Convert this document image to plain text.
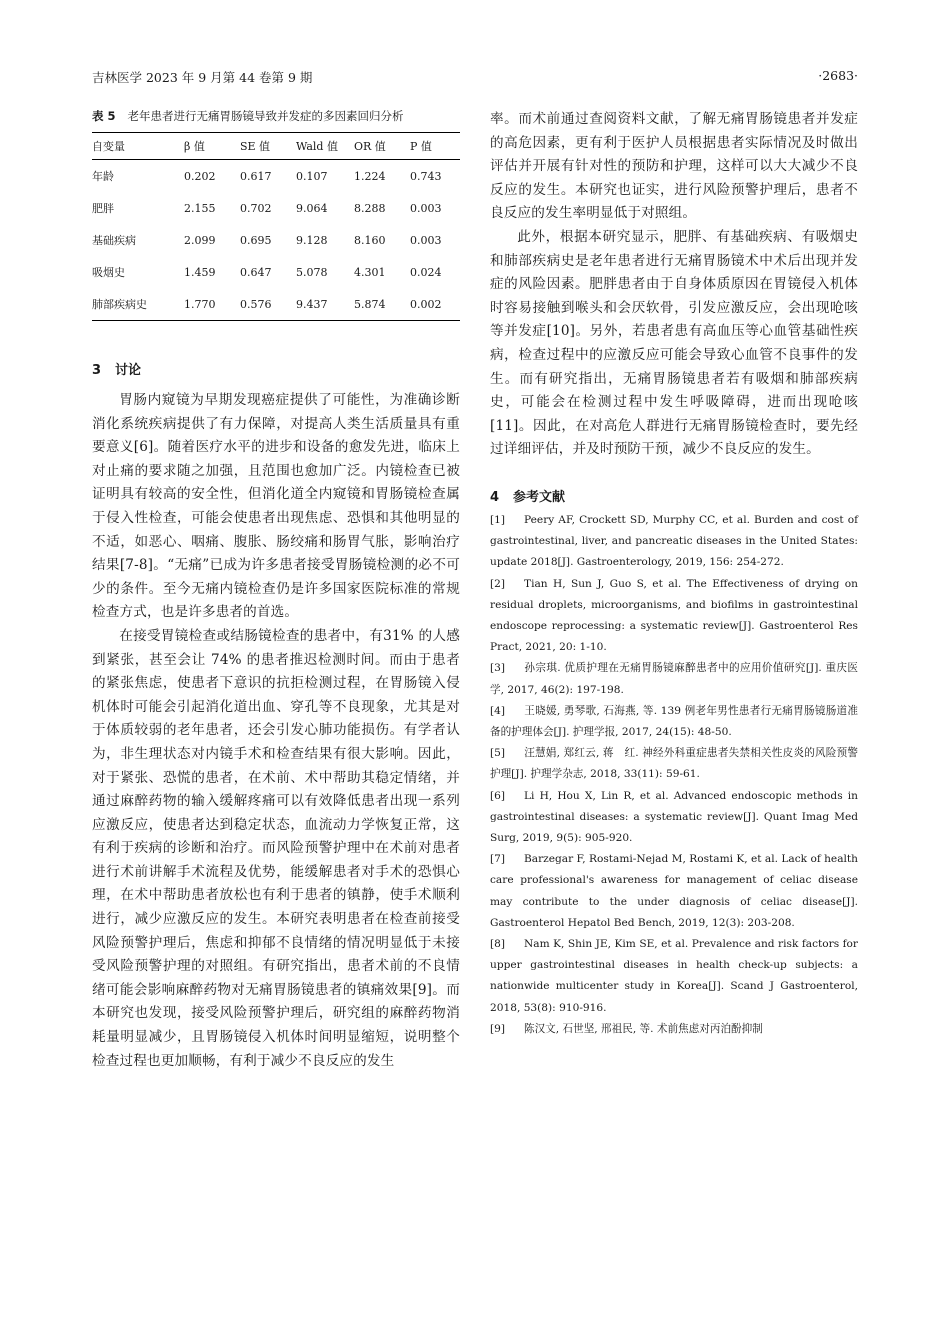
吉林医学 2023 年 9 月第 44 卷第 9 期	·2683·
表 5 老年患者进行无痛胃肠镜导致并发症的多因素回归分析
自变量	β 值	SE 值	Wald 值	OR 值	P 值
年龄	0.202	0.617	0.107	1.224	0.743
肥胖	2.155	0.702	9.064	8.288	0.003
基础疾病	2.099	0.695	9.128	8.160	0.003
吸烟史	1.459	0.647	5.078	4.301	0.024
肺部疾病史	1.770	0.576	9.437	5.874	0.002
3 讨论

胃肠内窥镜为早期发现癌症提供了可能性，为准确诊断消化系统疾病提供了有力保障，对提高人类生活质量具有重要意义[6]。随着医疗水平的进步和设备的愈发先进，临床上对止痛的要求随之加强，且范围也愈加广泛。内镜检查已被证明具有较高的安全性，但消化道全内窥镜和胃肠镜检查属于侵入性检查，可能会使患者出现焦虑、恐惧和其他明显的不适，如恶心、咽痛、腹胀、肠绞痛和肠胃气胀，影响治疗结果[7-8]。“无痛”已成为许多患者接受胃肠镜检测的必不可少的条件。至今无痛内镜检查仍是许多国家医院标准的常规检查方式，也是许多患者的首选。

在接受胃镜检查或结肠镜检查的患者中，有31% 的人感到紧张，甚至会让 74% 的患者推迟检测时间。而由于患者的紧张焦虑，使患者下意识的抗拒检测过程，在胃肠镜入侵机体时可能会引起消化道出血、穿孔等不良现象，尤其是对于体质较弱的老年患者，还会引发心肺功能损伤。有学者认为，非生理状态对内镜手术和检查结果有很大影响。因此，对于紧张、恐慌的患者，在术前、术中帮助其稳定情绪，并通过麻醉药物的输入缓解疼痛可以有效降低患者出现一系列应激反应，使患者达到稳定状态，血流动力学恢复正常，这有利于疾病的诊断和治疗。而风险预警护理中在术前对患者进行术前讲解手术流程及优势，能缓解患者对手术的恐惧心理，在术中帮助患者放松也有利于患者的镇静，使手术顺利进行，减少应激反应的发生。本研究表明患者在检查前接受风险预警护理后，焦虑和抑郁不良情绪的情况明显低于未接受风险预警护理的对照组。有研究指出，患者术前的不良情绪可能会影响麻醉药物对无痛胃肠镜患者的镇痛效果[9]。而本研究也发现，接受风险预警护理后，研究组的麻醉药物消耗量明显减少，且胃肠镜侵入机体时间明显缩短，说明整个检查过程也更加顺畅，有利于减少不良反应的发生

率。而术前通过查阅资料文献，了解无痛胃肠镜患者并发症的高危因素，更有利于医护人员根据患者实际情况及时做出评估并开展有针对性的预防和护理，这样可以大大减少不良反应的发生。本研究也证实，进行风险预警护理后，患者不良反应的发生率明显低于对照组。

此外，根据本研究显示，肥胖、有基础疾病、有吸烟史和肺部疾病史是老年患者进行无痛胃肠镜术中术后出现并发症的风险因素。肥胖患者由于自身体质原因在胃镜侵入机体时容易接触到喉头和会厌软骨，引发应激反应，会出现呛咳等并发症[10]。另外，若患者患有高血压等心血管基础性疾病，检查过程中的应激反应可能会导致心血管不良事件的发生。而有研究指出，无痛胃肠镜患者若有吸烟和肺部疾病史，可能会在检测过程中发生呼吸障碍，进而出现呛咳[11]。因此，在对高危人群进行无痛胃肠镜检查时，要先经过详细评估，并及时预防干预，减少不良反应的发生。

4 参考文献

[1] Peery AF, Crockett SD, Murphy CC, et al. Burden and cost of gastrointestinal, liver, and pancreatic diseases in the United States: update 2018[J]. Gastroenterology, 2019, 156: 254-272.

[2] Tian H, Sun J, Guo S, et al. The Effectiveness of drying on residual droplets, microorganisms, and biofilms in gastrointestinal endoscope reprocessing: a systematic review[J]. Gastroenterol Res Pract, 2021, 20: 1-10.

[3] 孙宗琪. 优质护理在无痛胃肠镜麻醉患者中的应用价值研究[J]. 重庆医学, 2017, 46(2): 197-198.

[4] 王晓媛, 勇琴歌, 石海燕, 等. 139 例老年男性患者行无痛胃肠镜肠道准备的护理体会[J]. 护理学报, 2017, 24(15): 48-50.

[5] 汪慧娟, 郑红云, 蒋　红. 神经外科重症患者失禁相关性皮炎的风险预警护理[J]. 护理学杂志, 2018, 33(11): 59-61.

[6] Li H, Hou X, Lin R, et al. Advanced endoscopic methods in gastrointestinal diseases: a systematic review[J]. Quant Imag Med Surg, 2019, 9(5): 905-920.

[7] Barzegar F, Rostami-Nejad M, Rostami K, et al. Lack of health care professional's awareness for management of celiac disease may contribute to the under diagnosis of celiac disease[J]. Gastroenterol Hepatol Bed Bench, 2019, 12(3): 203-208.

[8] Nam K, Shin JE, Kim SE, et al. Prevalence and risk factors for upper gastrointestinal diseases in health check-up subjects: a nationwide multicenter study in Korea[J]. Scand J Gastroenterol, 2018, 53(8): 910-916.

[9] 陈汉文, 石世坚, 邢祖民, 等. 术前焦虑对丙泊酚抑制
